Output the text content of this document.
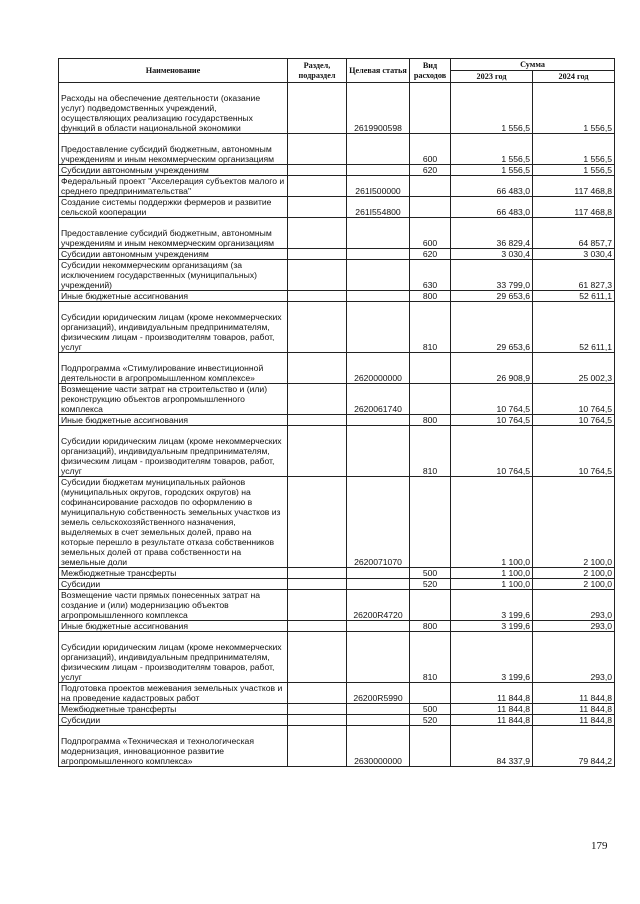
Наименование	Раздел, подраздел	Целевая статья	Вид расходов	Сумма	
				2023 год	2024 год
Расходы на обеспечение деятельности (оказание услуг) подведомственных учреждений, осуществляющих реализацию государственных функций в области национальной экономики		2619900598		1 556,5	1 556,5
Предоставление субсидий бюджетным, автономным учреждениям и иным некоммерческим организациям			600	1 556,5	1 556,5
Субсидии автономным учреждениям			620	1 556,5	1 556,5
Федеральный проект "Акселерация субъектов малого и среднего предпринимательства"		261I500000		66 483,0	117 468,8
Создание системы поддержки фермеров и развитие сельской кооперации		261I554800		66 483,0	117 468,8
Предоставление субсидий бюджетным, автономным учреждениям и иным некоммерческим организациям			600	36 829,4	64 857,7
Субсидии автономным учреждениям			620	3 030,4	3 030,4
Субсидии некоммерческим организациям (за исключением государственных (муниципальных) учреждений)			630	33 799,0	61 827,3
Иные бюджетные ассигнования			800	29 653,6	52 611,1
Субсидии юридическим лицам (кроме некоммерческих организаций), индивидуальным предпринимателям, физическим лицам - производителям товаров, работ, услуг			810	29 653,6	52 611,1
Подпрограмма «Стимулирование инвестиционной деятельности в агропромышленном комплексе»		2620000000		26 908,9	25 002,3
Возмещение части затрат на строительство и (или) реконструкцию объектов агропромышленного комплекса		2620061740		10 764,5	10 764,5
Иные бюджетные ассигнования			800	10 764,5	10 764,5
Субсидии юридическим лицам (кроме некоммерческих организаций), индивидуальным предпринимателям, физическим лицам - производителям товаров, работ, услуг			810	10 764,5	10 764,5
Субсидии бюджетам муниципальных районов (муниципальных округов, городских округов) на софинансирование расходов по оформлению в муниципальную собственность земельных участков из земель сельскохозяйственного назначения, выделяемых в счет земельных долей, право на которые перешло в результате отказа собственников земельных долей от права собственности на земельные доли		2620071070		1 100,0	2 100,0
Межбюджетные трансферты			500	1 100,0	2 100,0
Субсидии			520	1 100,0	2 100,0
Возмещение части прямых понесенных затрат на создание и (или) модернизацию объектов агропромышленного комплекса		26200R4720		3 199,6	293,0
Иные бюджетные ассигнования			800	3 199,6	293,0
Субсидии юридическим лицам (кроме некоммерческих организаций), индивидуальным предпринимателям, физическим лицам - производителям товаров, работ, услуг			810	3 199,6	293,0
Подготовка проектов межевания земельных участков и на проведение кадастровых работ		26200R5990		11 844,8	11 844,8
Межбюджетные трансферты			500	11 844,8	11 844,8
Субсидии			520	11 844,8	11 844,8
Подпрограмма «Техническая и технологическая модернизация, инновационное развитие агропромышленного комплекса»		2630000000		84 337,9	79 844,2
179
